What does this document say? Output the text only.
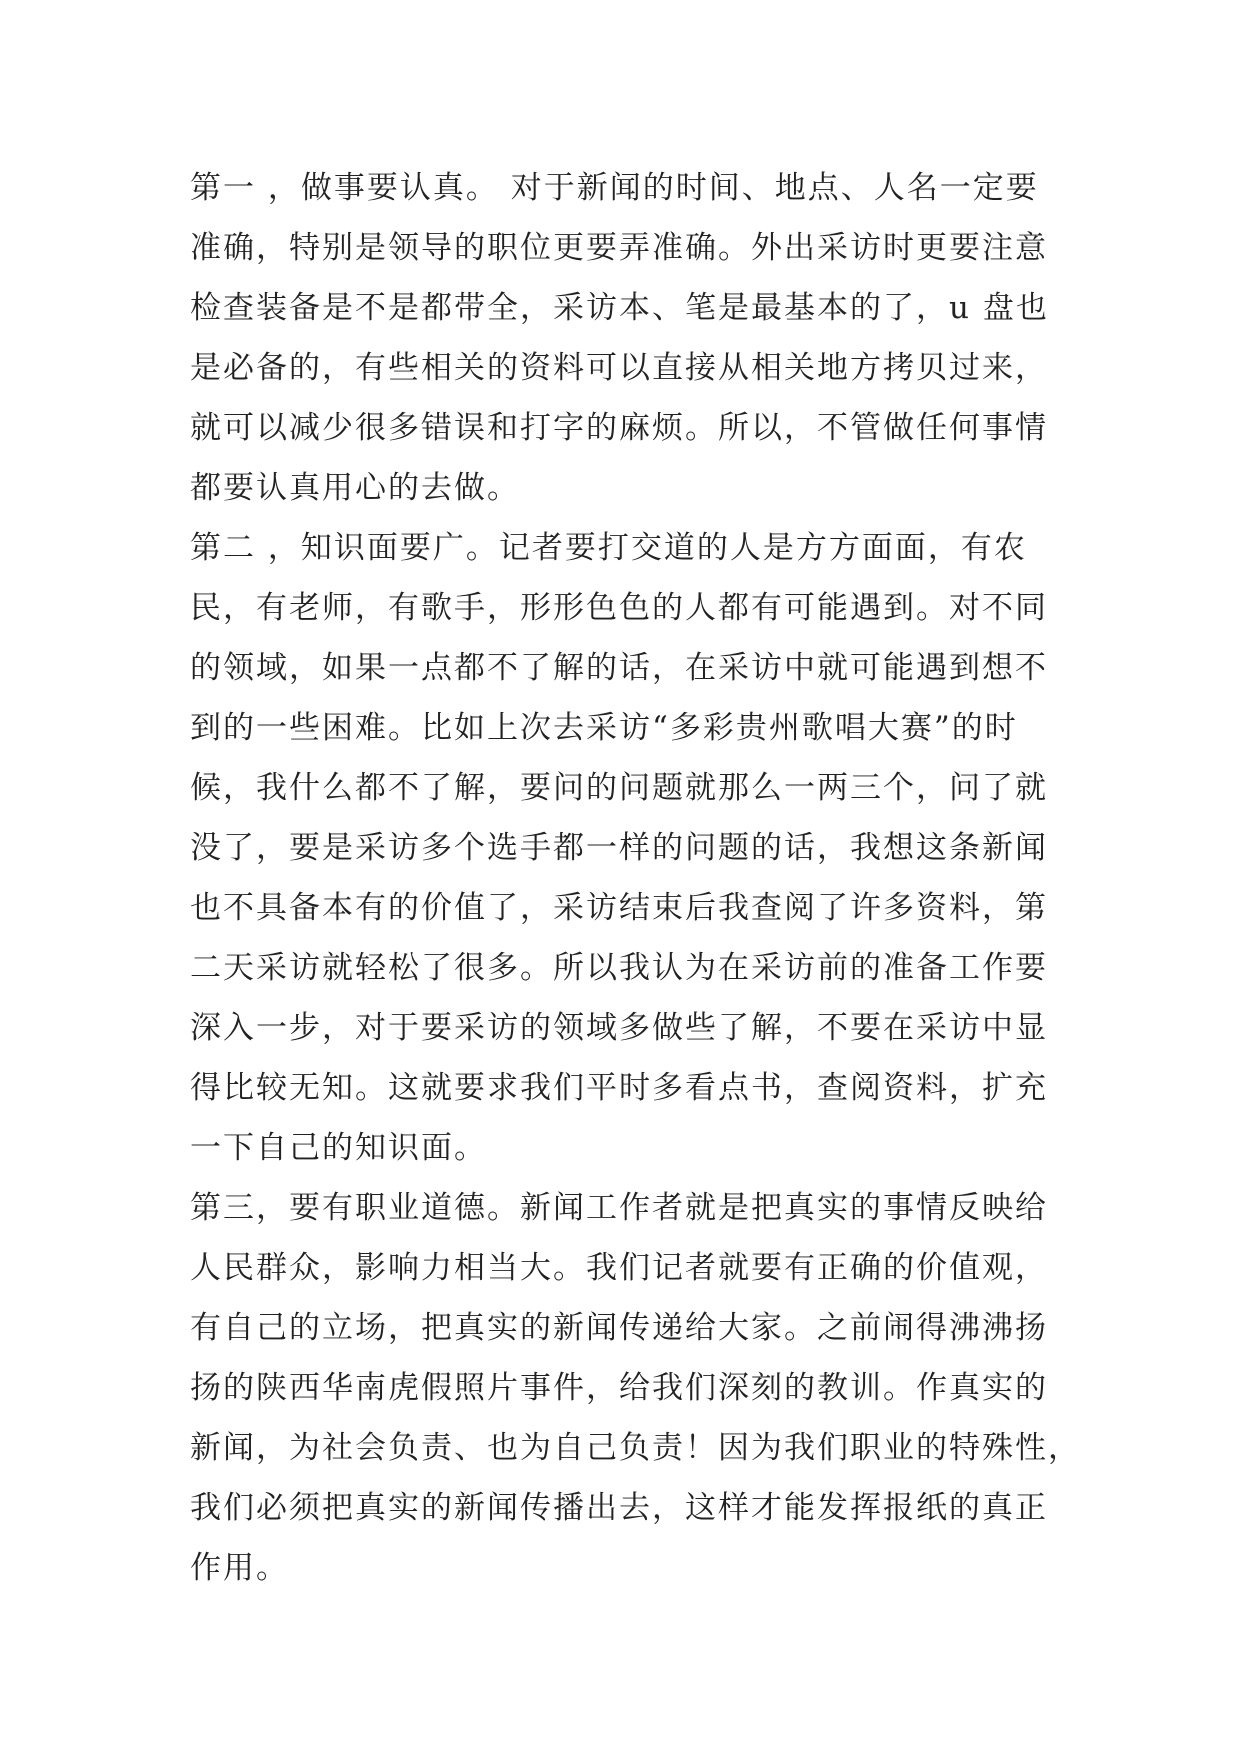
第一 ，做事要认真。 对于新闻的时间、地点、人名一定要
准确，特别是领导的职位更要弄准确。外出采访时更要注意
检查装备是不是都带全，采访本、笔是最基本的了，u 盘也
是必备的，有些相关的资料可以直接从相关地方拷贝过来，
就可以减少很多错误和打字的麻烦。所以，不管做任何事情
都要认真用心的去做。
第二 ，知识面要广。记者要打交道的人是方方面面，有农
民，有老师，有歌手，形形色色的人都有可能遇到。对不同
的领域，如果一点都不了解的话，在采访中就可能遇到想不
到的一些困难。比如上次去采访“多彩贵州歌唱大赛”的时
候，我什么都不了解，要问的问题就那么一两三个，问了就
没了，要是采访多个选手都一样的问题的话，我想这条新闻
也不具备本有的价值了，采访结束后我查阅了许多资料，第
二天采访就轻松了很多。所以我认为在采访前的准备工作要
深入一步，对于要采访的领域多做些了解，不要在采访中显
得比较无知。这就要求我们平时多看点书，查阅资料，扩充
一下自己的知识面。
第三，要有职业道德。新闻工作者就是把真实的事情反映给
人民群众，影响力相当大。我们记者就要有正确的价值观，
有自己的立场，把真实的新闻传递给大家。之前闹得沸沸扬
扬的陕西华南虎假照片事件，给我们深刻的教训。作真实的
新闻，为社会负责、也为自己负责！因为我们职业的特殊性，
我们必须把真实的新闻传播出去，这样才能发挥报纸的真正
作用。
